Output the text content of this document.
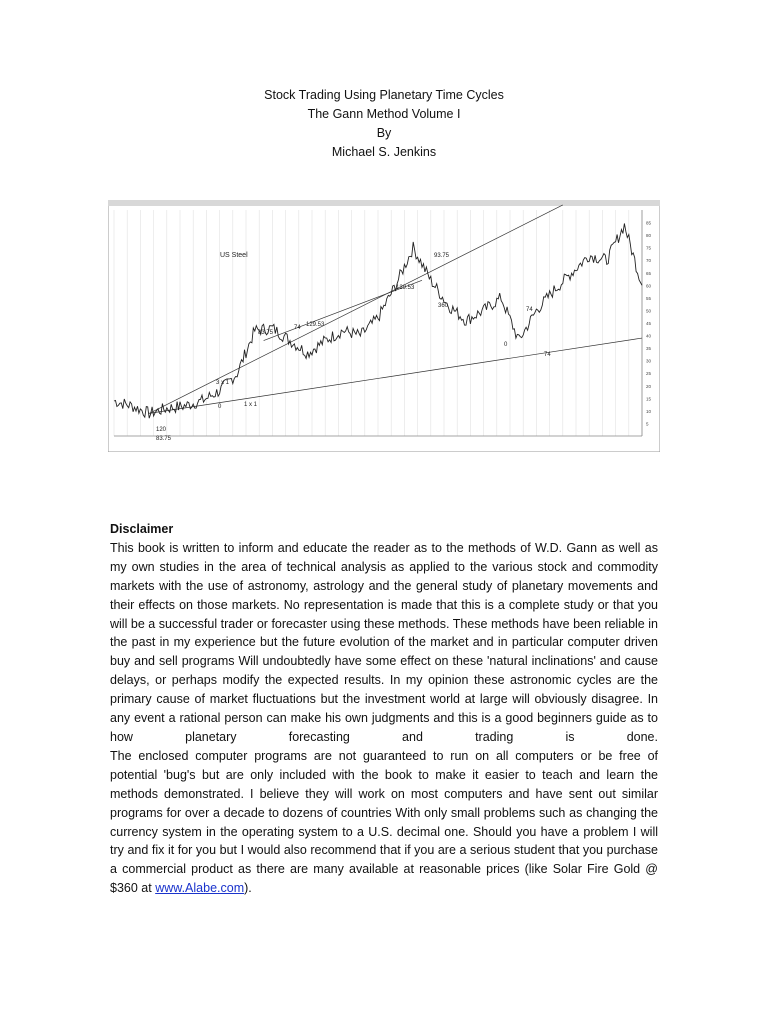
Stock Trading Using Planetary Time Cycles
The Gann Method Volume I
By
Michael S. Jenkins
85
80
75
70
65
60
55
50
45
40
35
30
25
20
15
10
5
US Steel
83.75
74 129.53
129.53
93.75
360
74
0
74
3 x 1
1 x 1
0
120
83.75
Disclaimer

This book is written to inform and educate the reader as to the methods of W.D. Gann as well as my own studies in the area of technical analysis as applied to the various stock and commodity markets with the use of astronomy, astrology and the general study of planetary movements and their effects on those markets. No representation is made that this is a complete study or that you will be a successful trader or forecaster using these methods. These methods have been reliable in the past in my experience but the future evolution of the market and in particular computer driven buy and sell programs Will undoubtedly have some effect on these 'natural inclinations' and cause delays, or perhaps modify the expected results. In my opinion these astronomic cycles are the primary cause of market fluctuations but the investment world at large will obviously disagree. In any event a rational person can make his own judgments and this is a good beginners guide as to how planetary forecasting and trading is done.

The enclosed computer programs are not guaranteed to run on all computers or be free of potential 'bug's but are only included with the book to make it easier to teach and learn the methods demonstrated. I believe they will work on most computers and have sent out similar programs for over a decade to dozens of countries With only small problems such as changing the currency system in the operating system to a U.S. decimal one. Should you have a problem I will try and fix it for you but I would also recommend that if you are a serious student that you purchase a commercial product as there are many available at reasonable prices (like Solar Fire Gold @ $360 at www.Alabe.com).
